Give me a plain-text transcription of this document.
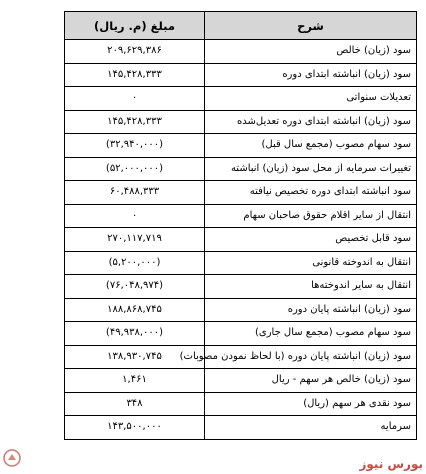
شرح	مبلغ (م. ریال)
سود (زیان) خالص	۲۰۹,۶۲۹,۳۸۶
سود (زیان) انباشته ابتدای دوره	۱۴۵,۴۲۸,۳۳۳
تعدیلات سنواتی	۰
سود (زیان) انباشته ابتدای دوره تعدیل‌شده	۱۴۵,۴۲۸,۳۳۳
سود سهام مصوب (مجمع سال قبل)	(۳۲,۹۴۰,۰۰۰)
تغییرات سرمایه از محل سود (زیان) انباشته	(۵۲,۰۰۰,۰۰۰)
سود انباشته ابتدای دوره تخصیص نیافته	۶۰,۴۸۸,۳۳۳
انتقال از سایر اقلام حقوق صاحبان سهام	۰
سود قابل تخصیص	۲۷۰,۱۱۷,۷۱۹
انتقال به اندوخته قانونی	(۵,۲۰۰,۰۰۰)
انتقال به سایر اندوخته‌ها	(۷۶,۰۴۸,۹۷۴)
سود (زیان) انباشته پایان دوره	۱۸۸,۸۶۸,۷۴۵
سود سهام مصوب (مجمع سال جاری)	(۴۹,۹۳۸,۰۰۰)
سود (زیان) انباشته پایان دوره (با لحاظ نمودن مصوبات)	۱۳۸,۹۳۰,۷۴۵
سود (زیان) خالص هر سهم - ریال	۱,۴۶۱
سود نقدی هر سهم (ریال)	۳۴۸
سرمایه	۱۴۳,۵۰۰,۰۰۰
بورس نیوز
